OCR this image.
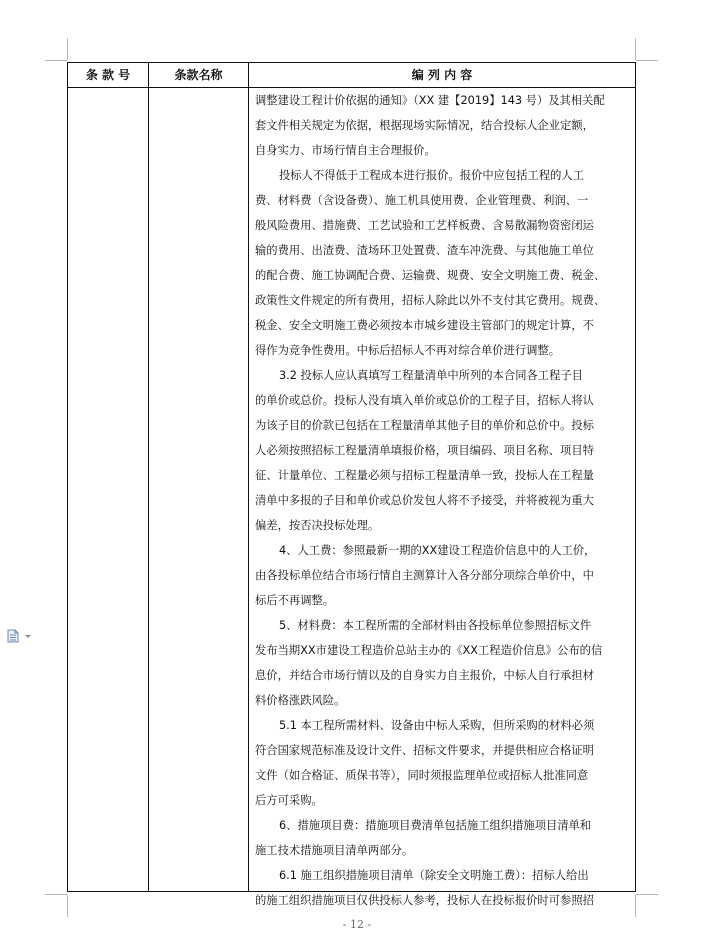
条 款 号	条款名称	编 列 内 容
调整建设工程计价依据的通知》（XX 建【2019】143 号）及其相关配
套文件相关规定为依据，根据现场实际情况，结合投标人企业定额，
自身实力、市场行情自主合理报价。
投标人不得低于工程成本进行报价。报价中应包括工程的人工
费、材料费（含设备费）、施工机具使用费、企业管理费、利润、一
般风险费用、措施费、工艺试验和工艺样板费、含易散漏物资密闭运
输的费用、出渣费、渣场环卫处置费、渣车冲洗费、与其他施工单位
的配合费、施工协调配合费、运输费、规费、安全文明施工费、税金、
政策性文件规定的所有费用，招标人除此以外不支付其它费用。规费、
税金、安全文明施工费必须按本市城乡建设主管部门的规定计算，不
得作为竞争性费用。中标后招标人不再对综合单价进行调整。
3.2 投标人应认真填写工程量清单中所列的本合同各工程子目
的单价或总价。投标人没有填入单价或总价的工程子目，招标人将认
为该子目的价款已包括在工程量清单其他子目的单价和总价中。投标
人必须按照招标工程量清单填报价格，项目编码、项目名称、项目特
征、计量单位、工程量必须与招标工程量清单一致，投标人在工程量
清单中多报的子目和单价或总价发包人将不予接受，并将被视为重大
偏差，按否决投标处理。
4、人工费：参照最新一期的XX建设工程造价信息中的人工价，
由各投标单位结合市场行情自主测算计入各分部分项综合单价中，中
标后不再调整。
5、材料费：本工程所需的全部材料由各投标单位参照招标文件
发布当期XX市建设工程造价总站主办的《XX工程造价信息》公布的信
息价，并结合市场行情以及的自身实力自主报价，中标人自行承担材
料价格涨跌风险。
5.1 本工程所需材料、设备由中标人采购，但所采购的材料必须
符合国家规范标准及设计文件、招标文件要求，并提供相应合格证明
文件（如合格证、质保书等），同时须报监理单位或招标人批准同意
后方可采购。
6、措施项目费：措施项目费清单包括施工组织措施项目清单和
施工技术措施项目清单两部分。
6.1 施工组织措施项目清单（除安全文明施工费）：招标人给出
的施工组织措施项目仅供投标人参考，投标人在投标报价时可参照招
- 12 -
